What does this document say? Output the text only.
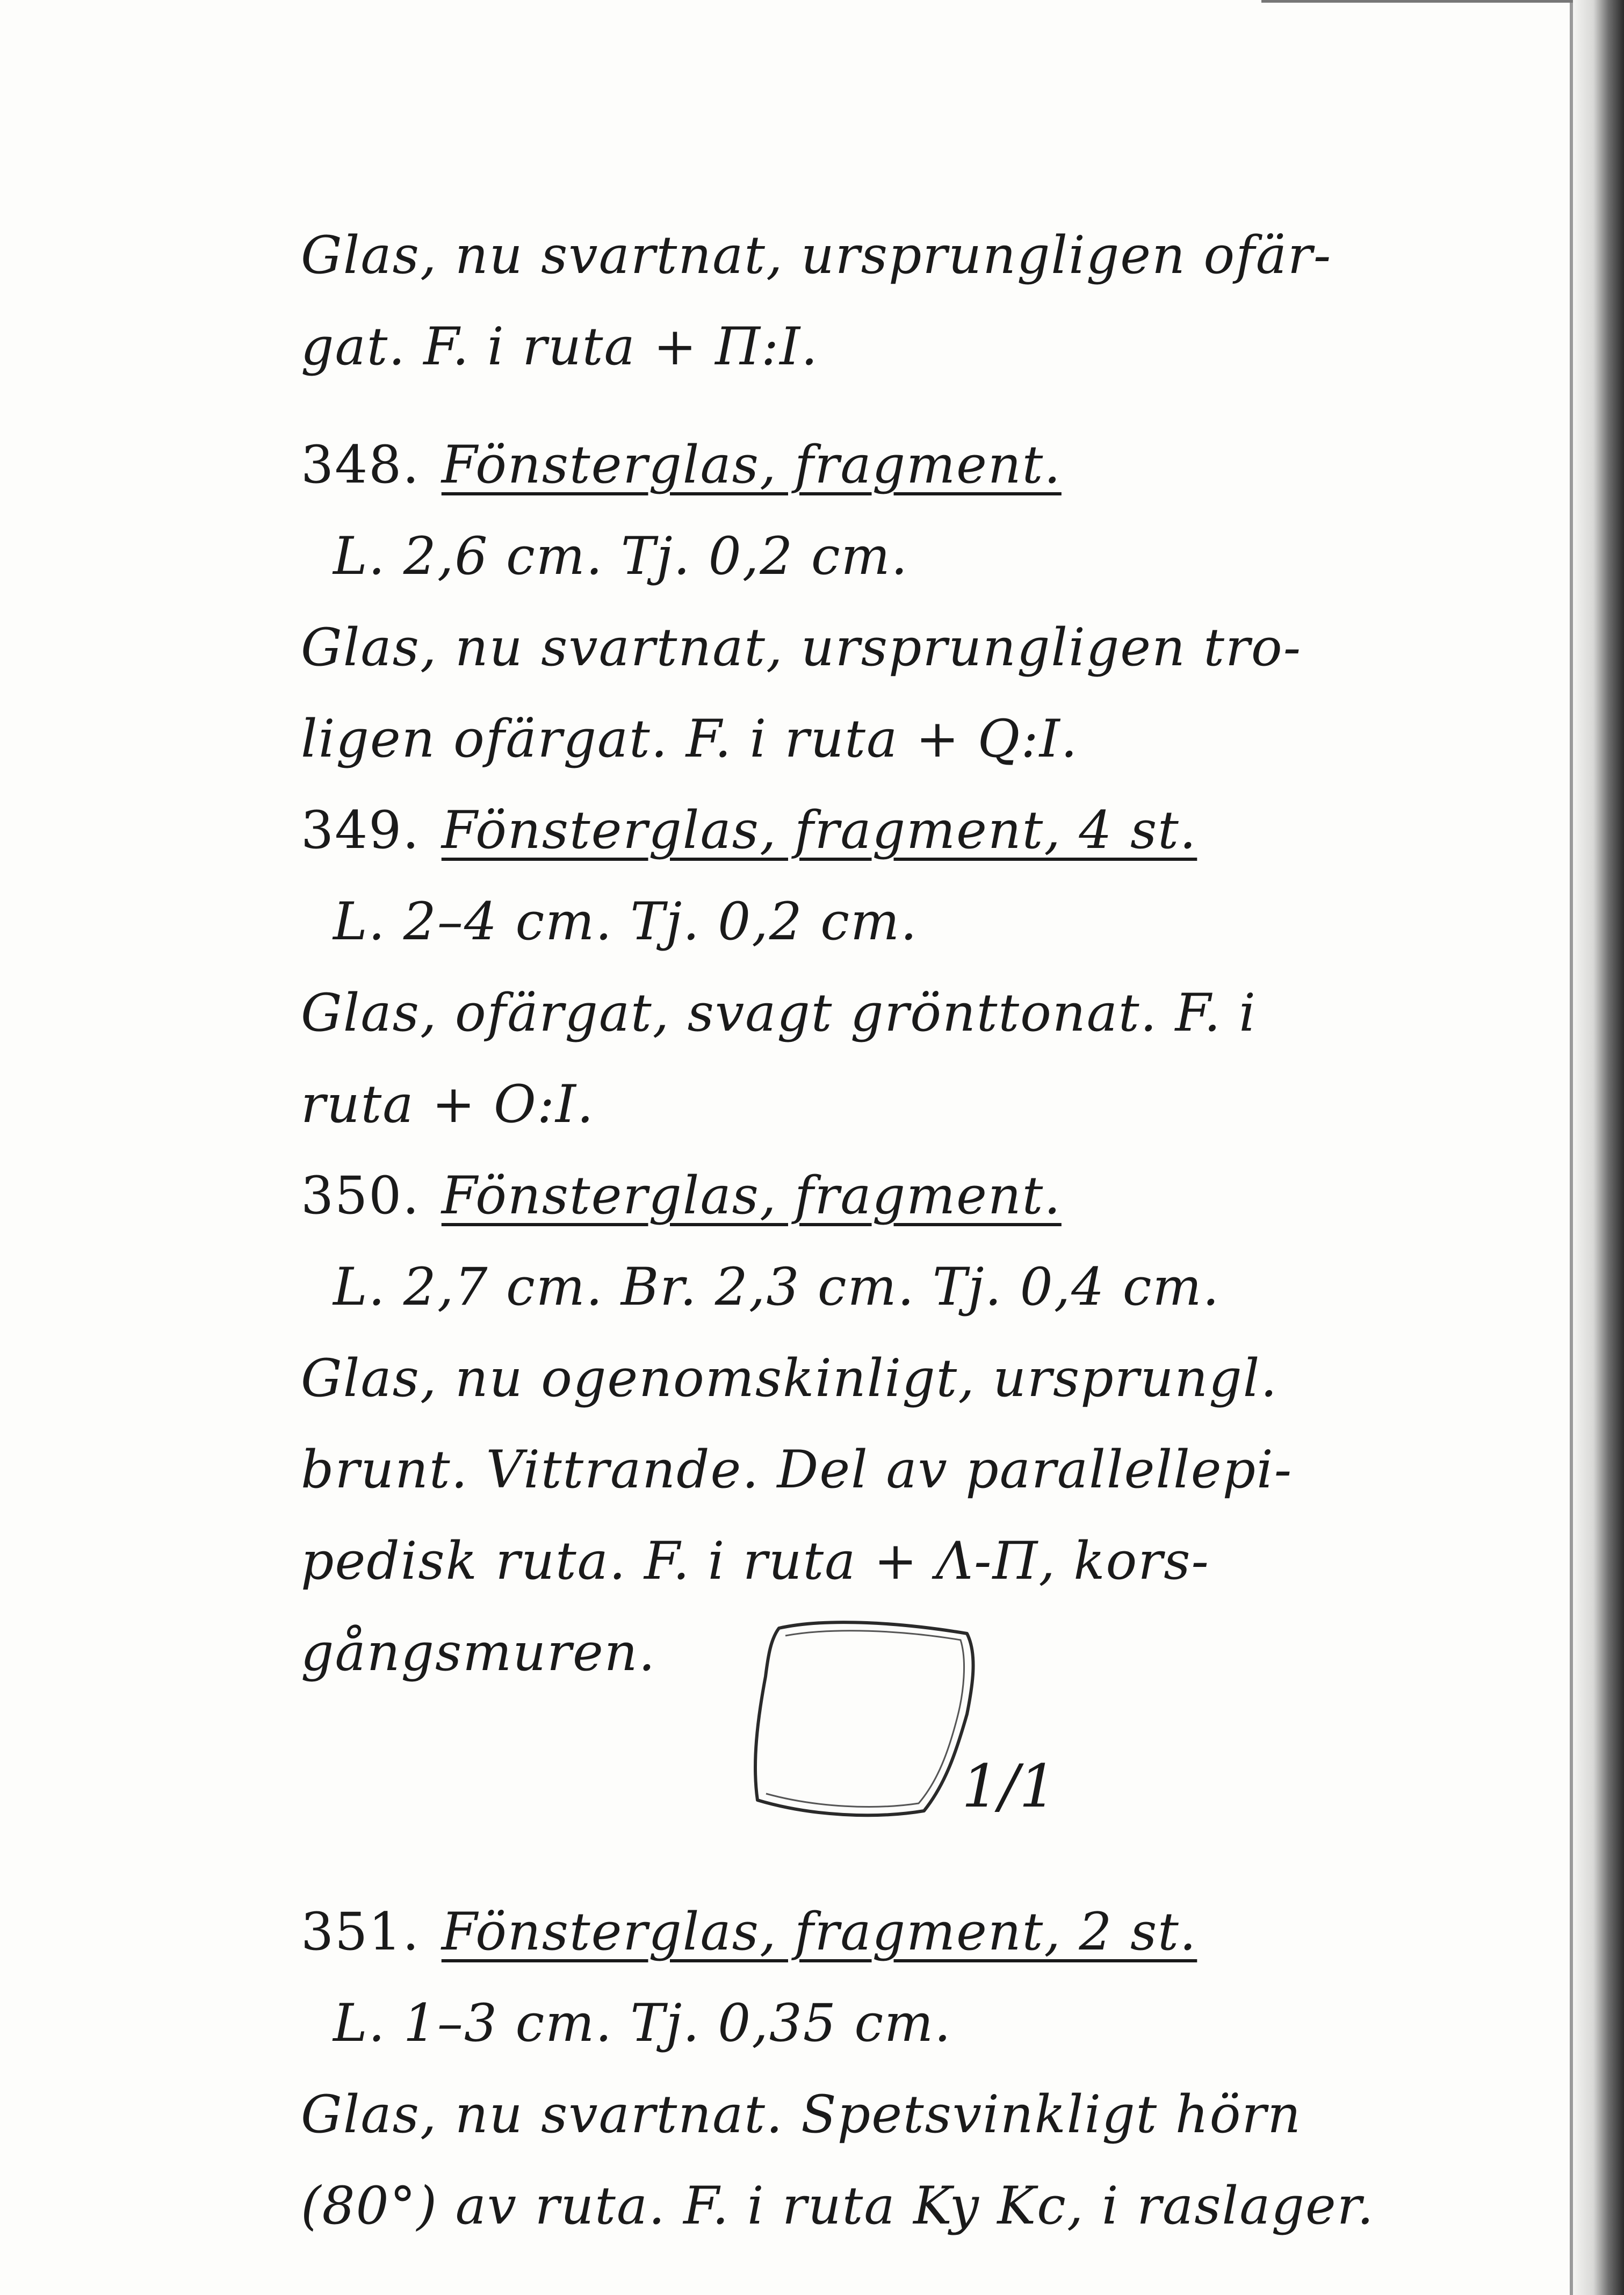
Glas, nu svartnat, ursprungligen ofär-
gat. F. i ruta + Π:I.
348. Fönsterglas, fragment.
L. 2,6 cm. Tj. 0,2 cm.
Glas, nu svartnat, ursprungligen tro-
ligen ofärgat. F. i ruta + Q:I.
349. Fönsterglas, fragment, 4 st.
L. 2–4 cm. Tj. 0,2 cm.
Glas, ofärgat, svagt grönttonat. F. i
ruta + O:I.
350. Fönsterglas, fragment.
L. 2,7 cm. Br. 2,3 cm. Tj. 0,4 cm.
Glas, nu ogenomskinligt, ursprungl.
brunt. Vittrande. Del av parallellepi-
pedisk ruta. F. i ruta + Λ-Π, kors-
gångsmuren.
1/1
351. Fönsterglas, fragment, 2 st.
L. 1–3 cm. Tj. 0,35 cm.
Glas, nu svartnat. Spetsvinkligt hörn
(80°) av ruta. F. i ruta Ky Kc, i raslager.
